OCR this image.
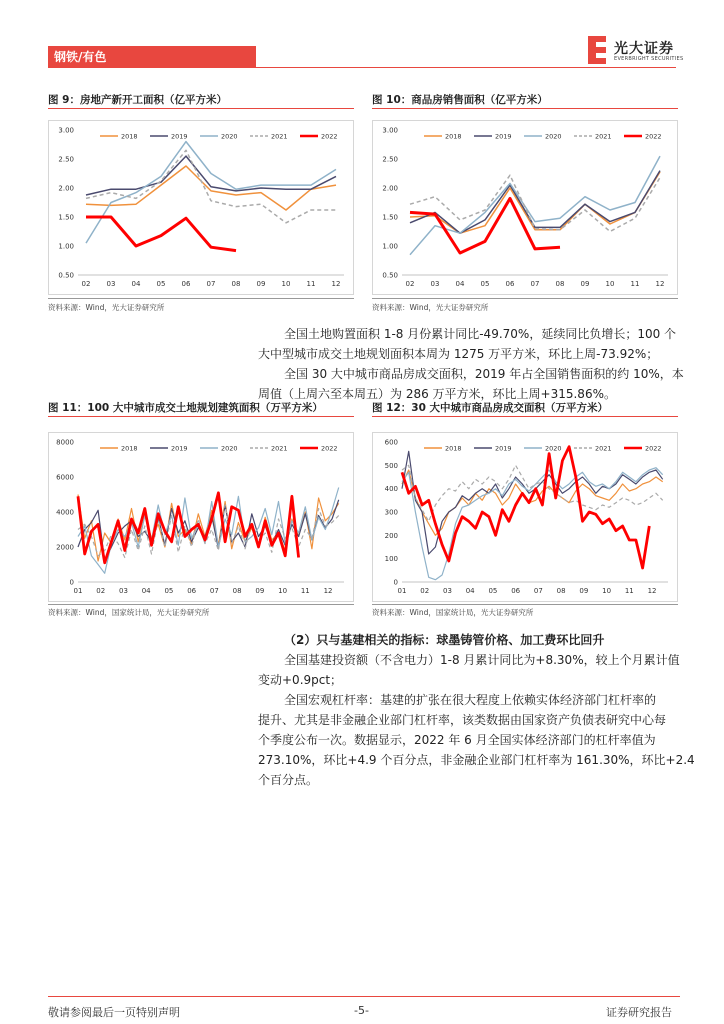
钢铁/有色	光大证券
EVERBRIGHT SECURITIES
图 9：房地产新开工面积（亿平方米）
0.50
1.00
1.50
2.00
2.50
3.00
02 03 04 05 06 07 08 09 10 11 12
2018	2019	2020	2021	2022
资料来源：Wind，光大证券研究所
图 10：商品房销售面积（亿平方米）
0.50
1.00
1.50
2.00
2.50
3.00
02 03 04 05 06 07 08 09 10 11 12
2018	2019	2020	2021	2022
资料来源：Wind，光大证券研究所
全国土地购置面积 1-8 月份累计同比-49.70%，延续同比负增长；100 个
大中型城市成交土地规划面积本周为 1275 万平方米，环比上周-73.92%；
全国 30 大中城市商品房成交面积，2019 年占全国销售面积的约 10%，本
周值（上周六至本周五）为 286 万平方米，环比上周+315.86%。
图 11：100 大中城市成交土地规划建筑面积（万平方米）
0
2000
4000
6000
8000
01 02 03 04 05 06 07 08 09 10 11 12
2018	2019	2020	2021	2022
资料来源：Wind，国家统计局，光大证券研究所
图 12：30 大中城市商品房成交面积（万平方米）
0
100
200
300
400
500
600
01 02 03 04 05 06 07 08 09 10 11 12
2018	2019	2020	2021	2022
资料来源：Wind，国家统计局，光大证券研究所
（2）只与基建相关的指标：球墨铸管价格、加工费环比回升
全国基建投资额（不含电力）1-8 月累计同比为+8.30%，较上个月累计值
变动+0.9pct；
全国宏观杠杆率：基建的扩张在很大程度上依赖实体经济部门杠杆率的
提升、尤其是非金融企业部门杠杆率，该类数据由国家资产负债表研究中心每
个季度公布一次。数据显示，2022 年 6 月全国实体经济部门的杠杆率值为
273.10%，环比+4.9 个百分点，非金融企业部门杠杆率为 161.30%，环比+2.4
个百分点。
敬请参阅最后一页特别声明	-5-	证券研究报告
